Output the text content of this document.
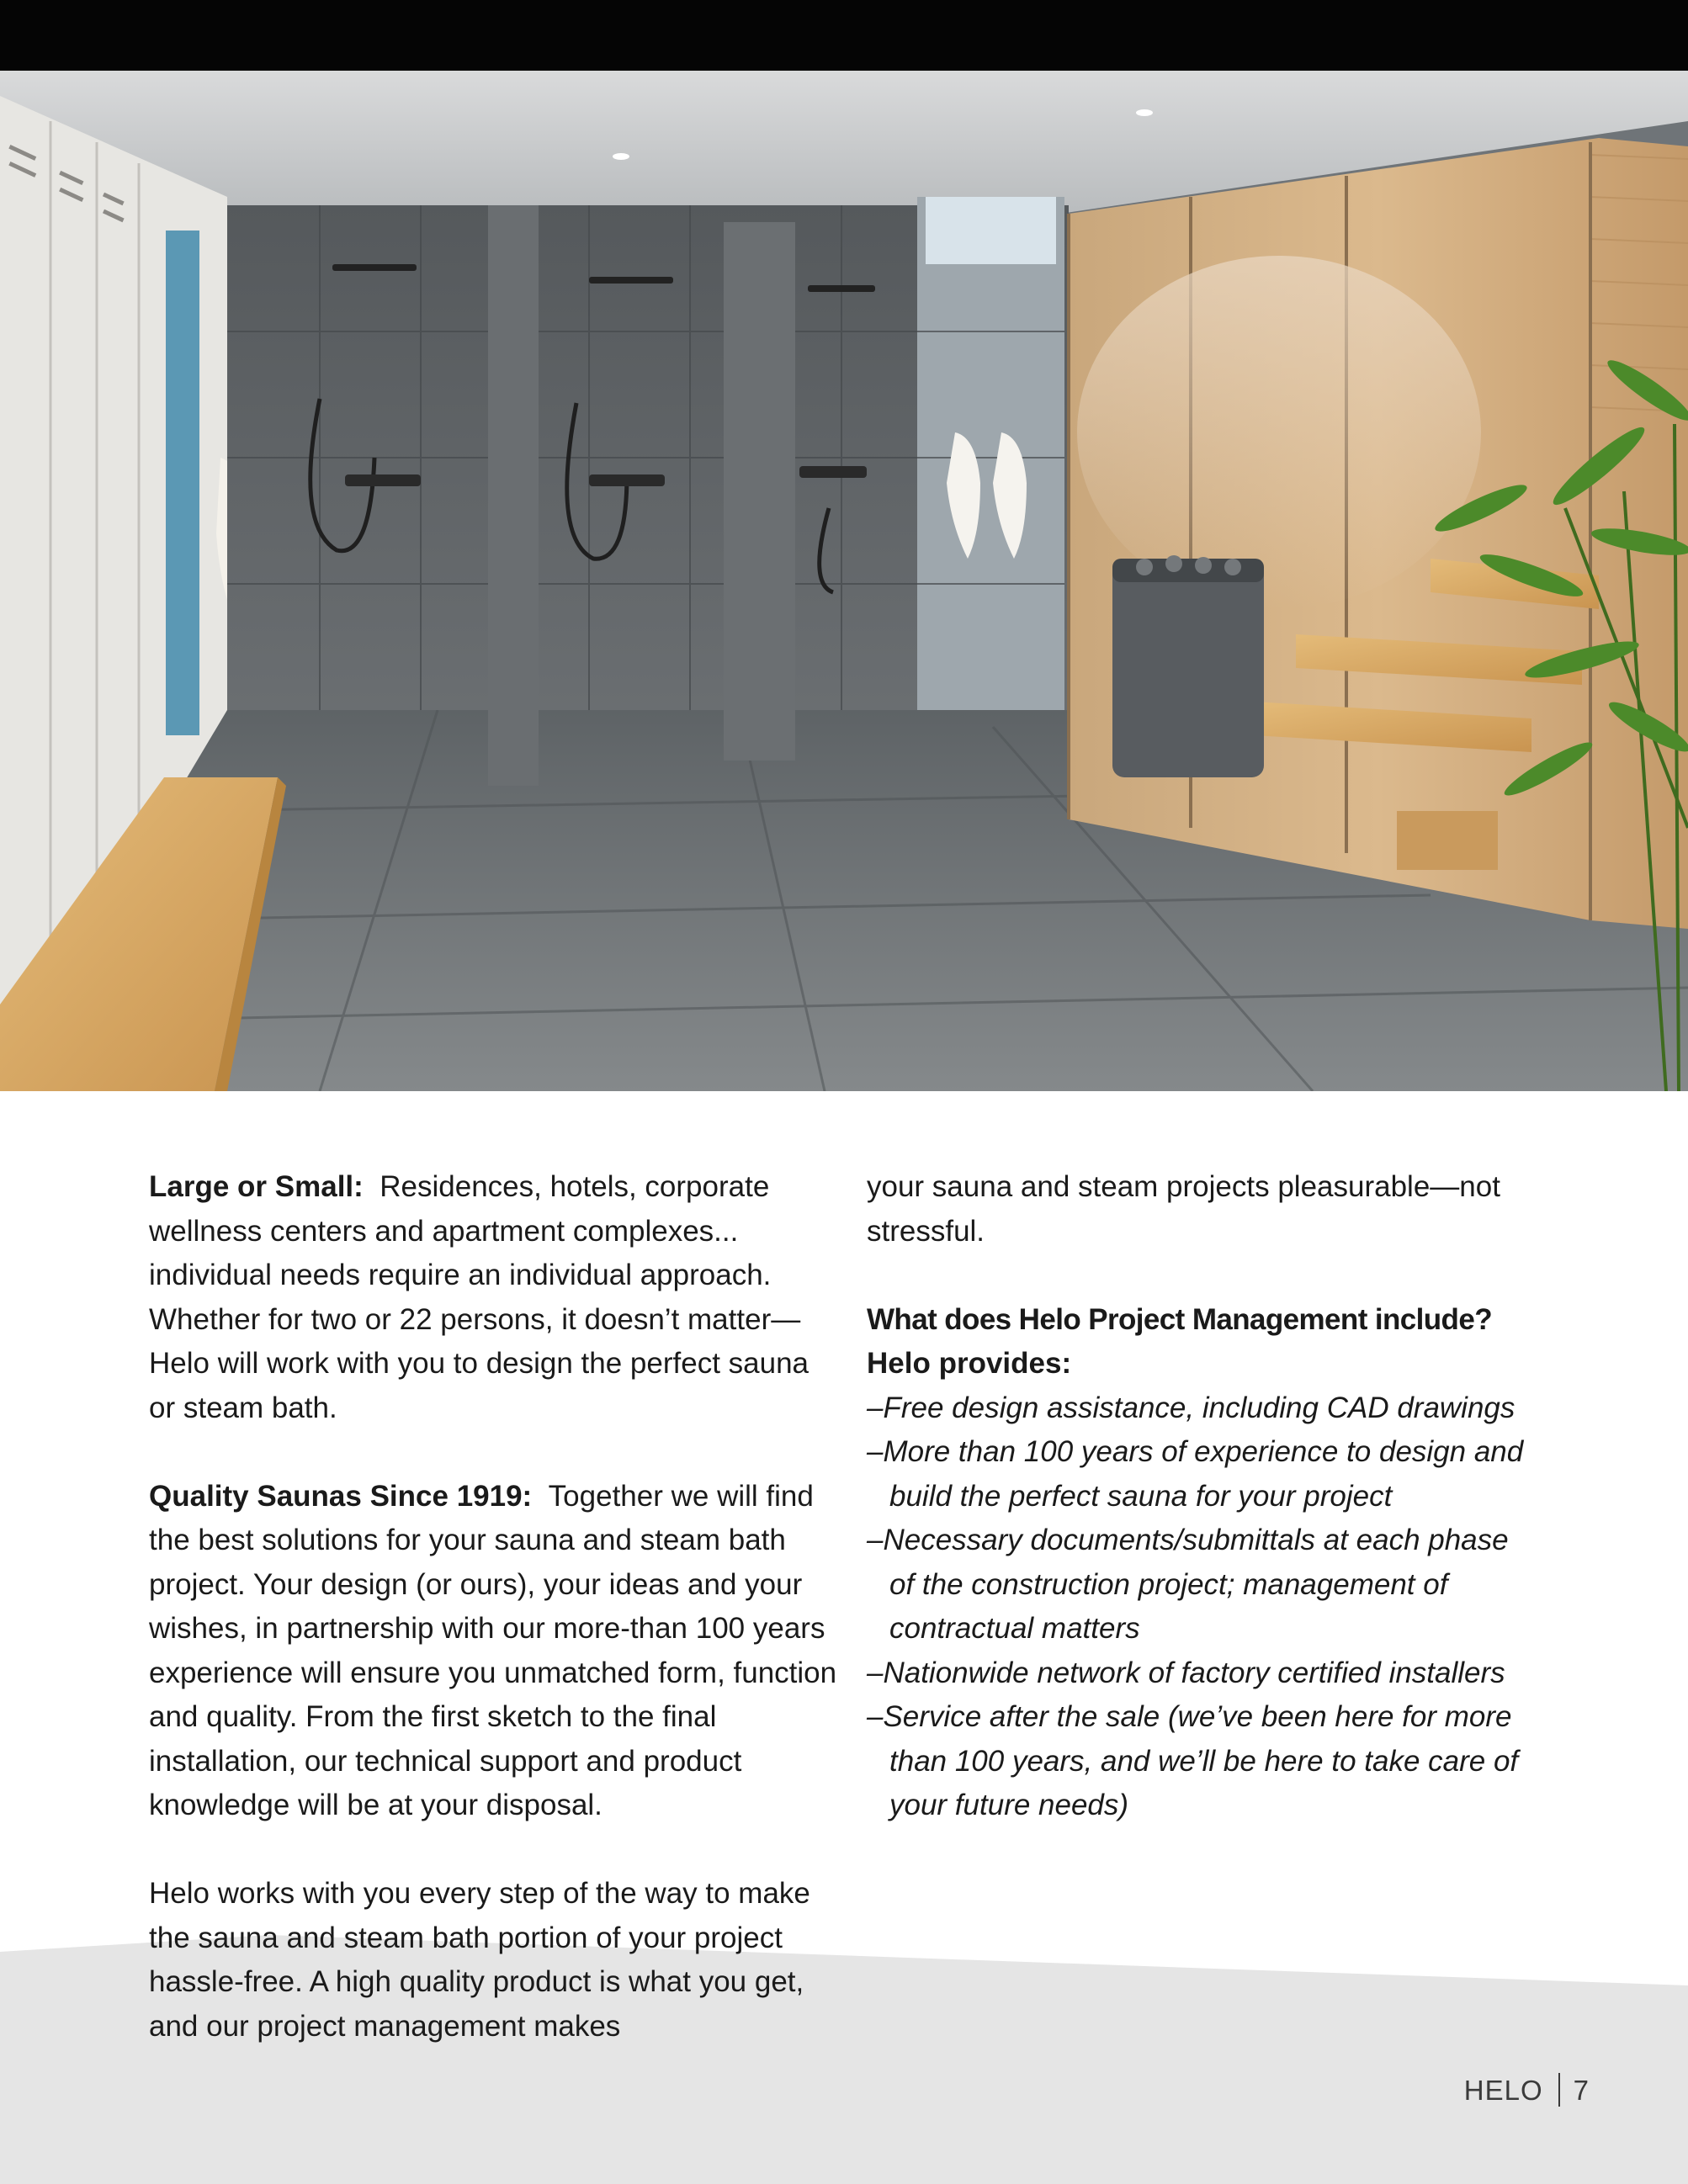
Large or Small: Residences, hotels, corporate wellness centers and apartment complexes... individual needs require an individual approach. Whether for two or 22 persons, it doesn’t matter—Helo will work with you to design the perfect sauna or steam bath.

Quality Saunas Since 1919: Together we will find the best solutions for your sauna and steam bath project. Your design (or ours), your ideas and your wishes, in partnership with our more-than 100 years experience will ensure you unmatched form, function and quality. From the first sketch to the final installation, our technical support and product knowledge will be at your disposal.

Helo works with you every step of the way to make the sauna and steam bath portion of your project hassle-free. A high quality product is what you get, and our project management makes

your sauna and steam projects pleasurable—not stressful.

What does Helo Project Management include?

Helo provides:

–Free design assistance, including CAD drawings

–More than 100 years of experience to design and build the perfect sauna for your project

–Necessary documents/submittals at each phase of the construction project; management of contractual matters

–Nationwide network of factory certified installers

–Service after the sale (we’ve been here for more than 100 years, and we’ll be here to take care of your future needs)

HELO 7
